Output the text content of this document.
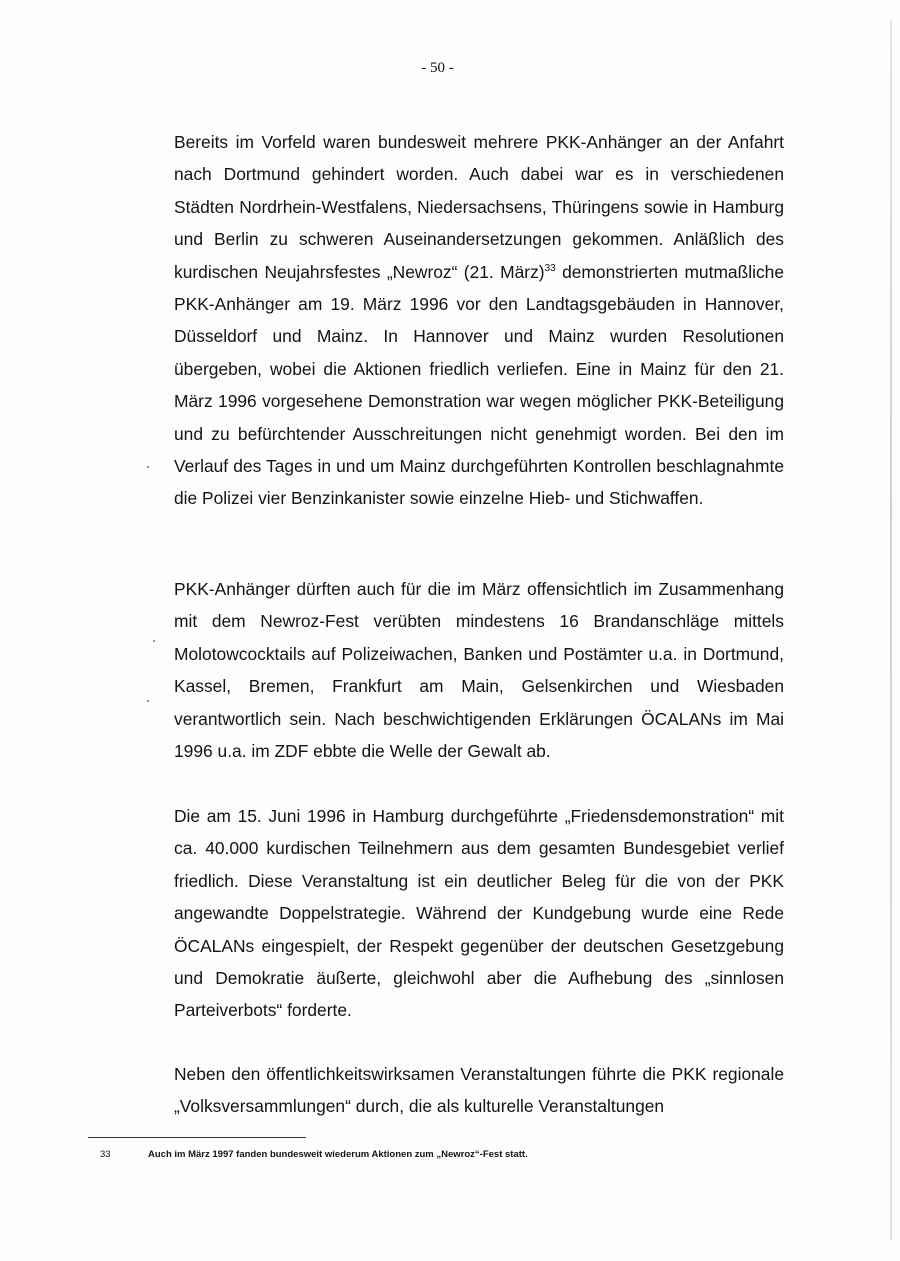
- 50 -

Bereits im Vorfeld waren bundesweit mehrere PKK-Anhänger an der Anfahrt nach Dortmund gehindert worden. Auch dabei war es in verschiedenen Städten Nordrhein-Westfalens, Niedersachsens, Thüringens sowie in Hamburg und Berlin zu schweren Auseinandersetzungen gekommen. Anläßlich des kurdischen Neujahrsfestes „Newroz“ (21. März)$^{33}$ demonstrierten mutmaßliche PKK-Anhänger am 19. März 1996 vor den Landtagsgebäuden in Hannover, Düsseldorf und Mainz. In Hannover und Mainz wurden Resolutionen übergeben, wobei die Aktionen friedlich verliefen. Eine in Mainz für den 21. März 1996 vorgesehene Demonstration war wegen möglicher PKK-Beteiligung und zu befürchtender Ausschreitungen nicht genehmigt worden. Bei den im Verlauf des Tages in und um Mainz durchgeführten Kontrollen beschlagnahmte die Polizei vier Benzinkanister sowie einzelne Hieb- und Stichwaffen.

PKK-Anhänger dürften auch für die im März offensichtlich im Zusammenhang mit dem Newroz-Fest verübten mindestens 16 Brandanschläge mittels Molotowcocktails auf Polizeiwachen, Banken und Postämter u.a. in Dortmund, Kassel, Bremen, Frankfurt am Main, Gelsenkirchen und Wiesbaden verantwortlich sein. Nach beschwichtigenden Erklärungen ÖCALANs im Mai 1996 u.a. im ZDF ebbte die Welle der Gewalt ab.

Die am 15. Juni 1996 in Hamburg durchgeführte „Friedensdemonstration“ mit ca. 40.000 kurdischen Teilnehmern aus dem gesamten Bundesgebiet verlief friedlich. Diese Veranstaltung ist ein deutlicher Beleg für die von der PKK angewandte Doppelstrategie. Während der Kundgebung wurde eine Rede ÖCALANs eingespielt, der Respekt gegenüber der deutschen Gesetzgebung und Demokratie äußerte, gleichwohl aber die Aufhebung des „sinnlosen Parteiverbots“ forderte.

Neben den öffentlichkeitswirksamen Veranstaltungen führte die PKK regionale „Volksversammlungen“ durch, die als kulturelle Veranstaltungen

33	Auch im März 1997 fanden bundesweit wiederum Aktionen zum „Newroz“-Fest statt.
